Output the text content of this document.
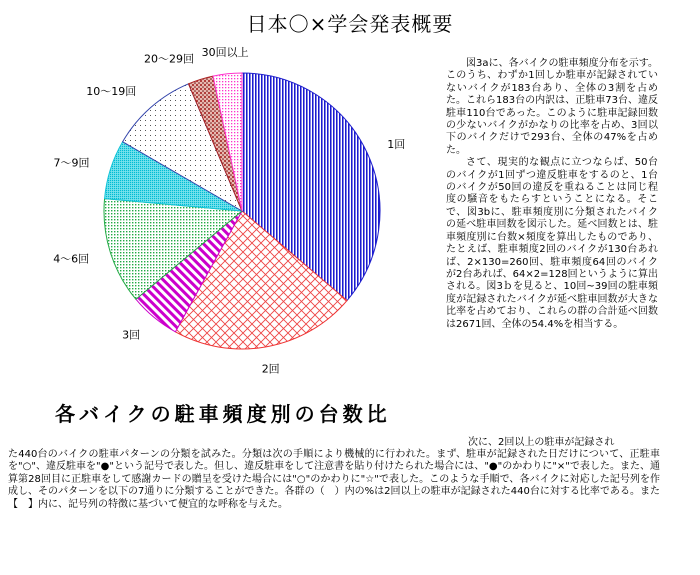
日本〇×学会発表概要
1回
2回
3回
4～6回
7～9回
10～19回
20～29回 30回以上
各バイクの駐車頻度別の台数比

図3aに、各バイクの駐車頻度分布を示す。このうち、わずか1回しか駐車が記録されていないバイクが183台あり、全体の3割を占めた。これら183台の内訳は、正駐車73台、違反駐車110台であった。このように駐車記録回数の少ないバイクがかなりの比率を占め、3回以下のバイクだけで293台、全体の47%を占めた。

さて、現実的な観点に立つならば、50台のバイクが1回ずつ違反駐車をするのと、1台のバイクが50回の違反を重ねることは同じ程度の騒音をもたらすということになる。そこで、図3bに、駐車頻度別に分類されたバイクの延べ駐車回数を図示した。延べ回数とは、駐車頻度別に台数×頻度を算出したものであり、たとえば、駐車頻度2回のバイクが130台あれば、2×130=260回、駐車頻度64回のバイクが2台あれば、64×2=128回というように算出される。図3ｂを見ると、10回~39回の駐車頻度が記録されたバイクが延べ駐車回数が大きな比率を占めており、これらの群の合計延べ回数は2671回、全体の54.4%を相当する。

次に、2回以上の駐車が記録され
た440台のバイクの駐車パターンの分類を試みた。分類は次の手順により機械的に行われた。まず、駐車が記録された日だけについて、正駐車を"○"、違反駐車を"●"という記号で表した。但し、違反駐車をして注意書を貼り付けたられた場合には、"●"のかわりに"×"で表した。また、通算第28回目に正駐車をして感謝カードの贈呈を受けた場合には"○"のかわりに"☆"で表した。このような手順で、各バイクに対応した記号列を作成し、そのパターンを以下の7通りに分類することができた。各群の（　）内の%は2回以上の駐車が記録された440台に対する比率である。また【　】内に、記号列の特徴に基づいて便宜的な呼称を与えた。
